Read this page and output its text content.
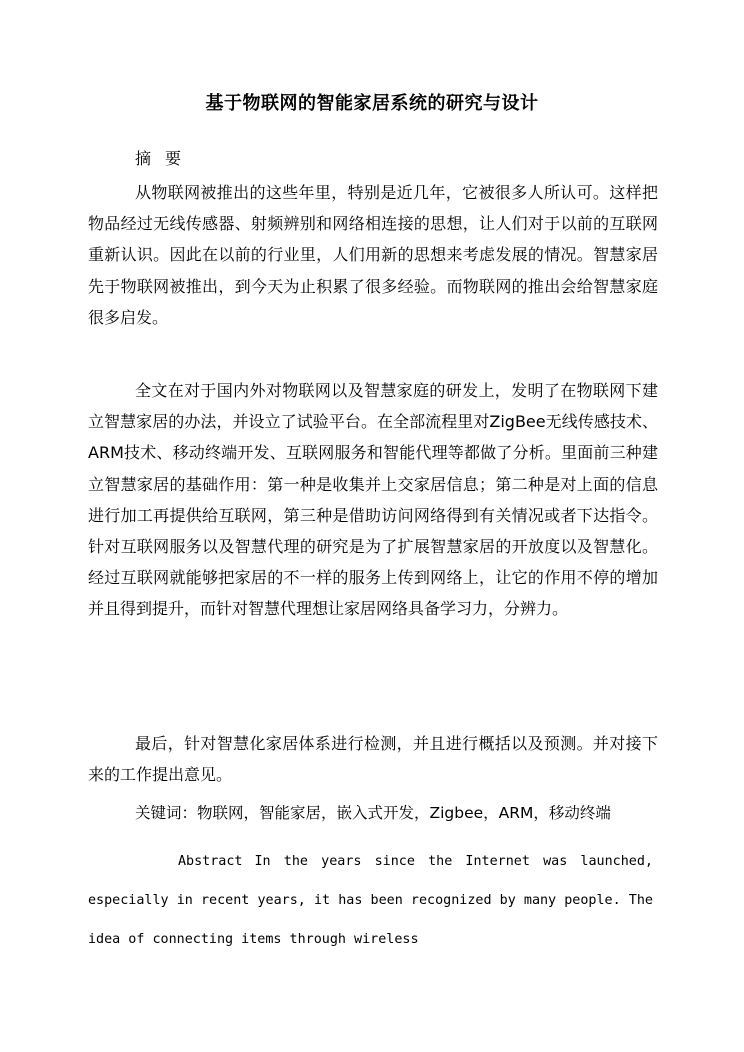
基于物联网的智能家居系统的研究与设计
摘 要

从物联网被推出的这些年里，特别是近几年，它被很多人所认可。这样把物品经过无线传感器、射频辨别和网络相连接的思想，让人们对于以前的互联网重新认识。因此在以前的行业里，人们用新的思想来考虑发展的情况。智慧家居先于物联网被推出，到今天为止积累了很多经验。而物联网的推出会给智慧家庭很多启发。

全文在对于国内外对物联网以及智慧家庭的研发上，发明了在物联网下建立智慧家居的办法，并设立了试验平台。在全部流程里对ZigBee无线传感技术、ARM技术、移动终端开发、互联网服务和智能代理等都做了分析。里面前三种建立智慧家居的基础作用：第一种是收集并上交家居信息；第二种是对上面的信息进行加工再提供给互联网，第三种是借助访问网络得到有关情况或者下达指令。针对互联网服务以及智慧代理的研究是为了扩展智慧家居的开放度以及智慧化。经过互联网就能够把家居的不一样的服务上传到网络上，让它的作用不停的增加并且得到提升，而针对智慧代理想让家居网络具备学习力，分辨力。

最后，针对智慧化家居体系进行检测，并且进行概括以及预测。并对接下来的工作提出意见。

关键词：物联网，智能家居，嵌入式开发，Zigbee，ARM，移动终端

Abstract In the years since the Internet was launched, especially in recent years, it has been recognized by many people. The idea of connecting items through wireless
